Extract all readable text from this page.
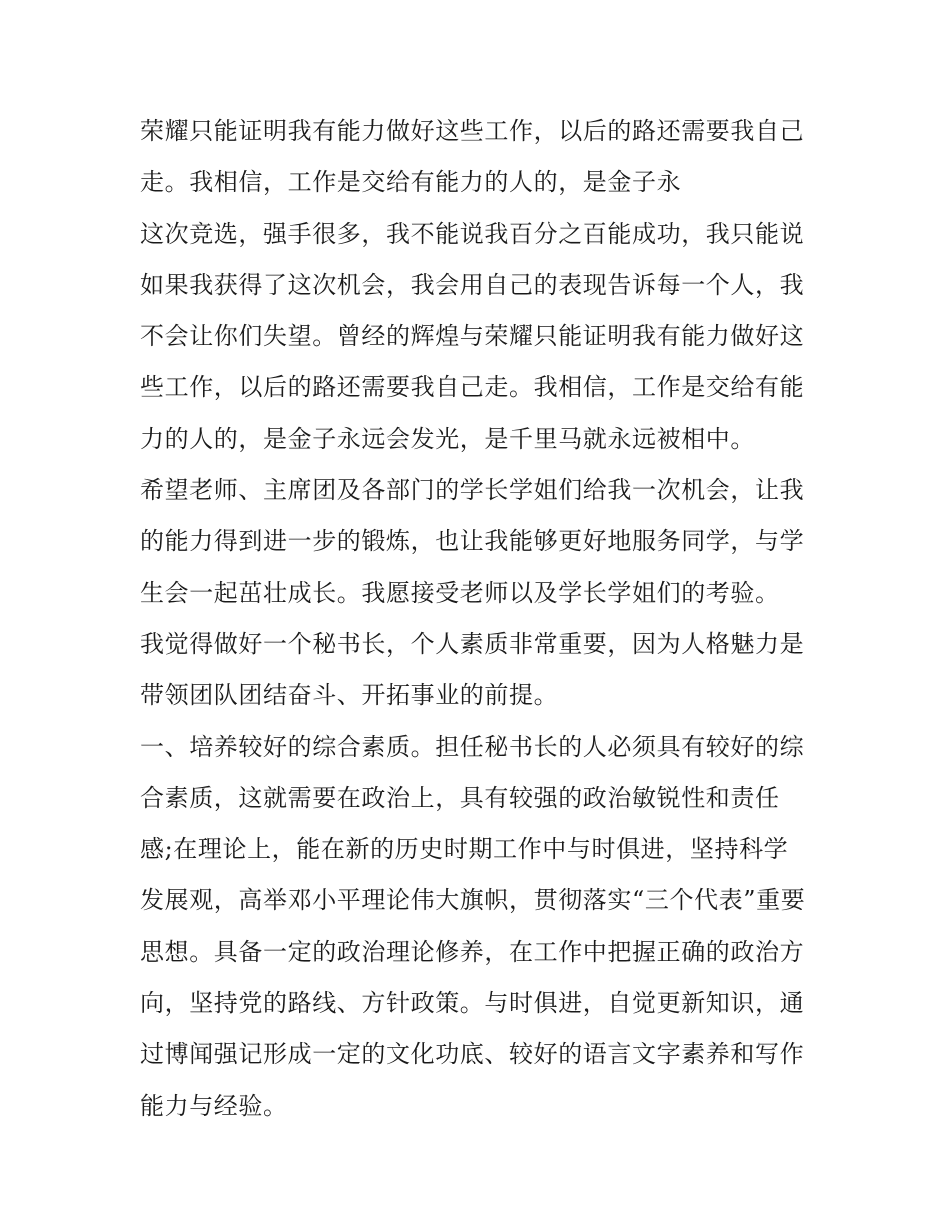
荣耀只能证明我有能力做好这些工作，以后的路还需要我自己
走。我相信，工作是交给有能力的人的，是金子永
这次竞选，强手很多，我不能说我百分之百能成功，我只能说
如果我获得了这次机会，我会用自己的表现告诉每一个人，我
不会让你们失望。曾经的辉煌与荣耀只能证明我有能力做好这
些工作，以后的路还需要我自己走。我相信，工作是交给有能
力的人的，是金子永远会发光，是千里马就永远被相中。
希望老师、主席团及各部门的学长学姐们给我一次机会，让我
的能力得到进一步的锻炼，也让我能够更好地服务同学，与学
生会一起茁壮成长。我愿接受老师以及学长学姐们的考验。
我觉得做好一个秘书长，个人素质非常重要，因为人格魅力是
带领团队团结奋斗、开拓事业的前提。
一、培养较好的综合素质。担任秘书长的人必须具有较好的综
合素质，这就需要在政治上，具有较强的政治敏锐性和责任
感;在理论上，能在新的历史时期工作中与时俱进，坚持科学
发展观，高举邓小平理论伟大旗帜，贯彻落实“三个代表”重要
思想。具备一定的政治理论修养，在工作中把握正确的政治方
向，坚持党的路线、方针政策。与时俱进，自觉更新知识，通
过博闻强记形成一定的文化功底、较好的语言文字素养和写作
能力与经验。
